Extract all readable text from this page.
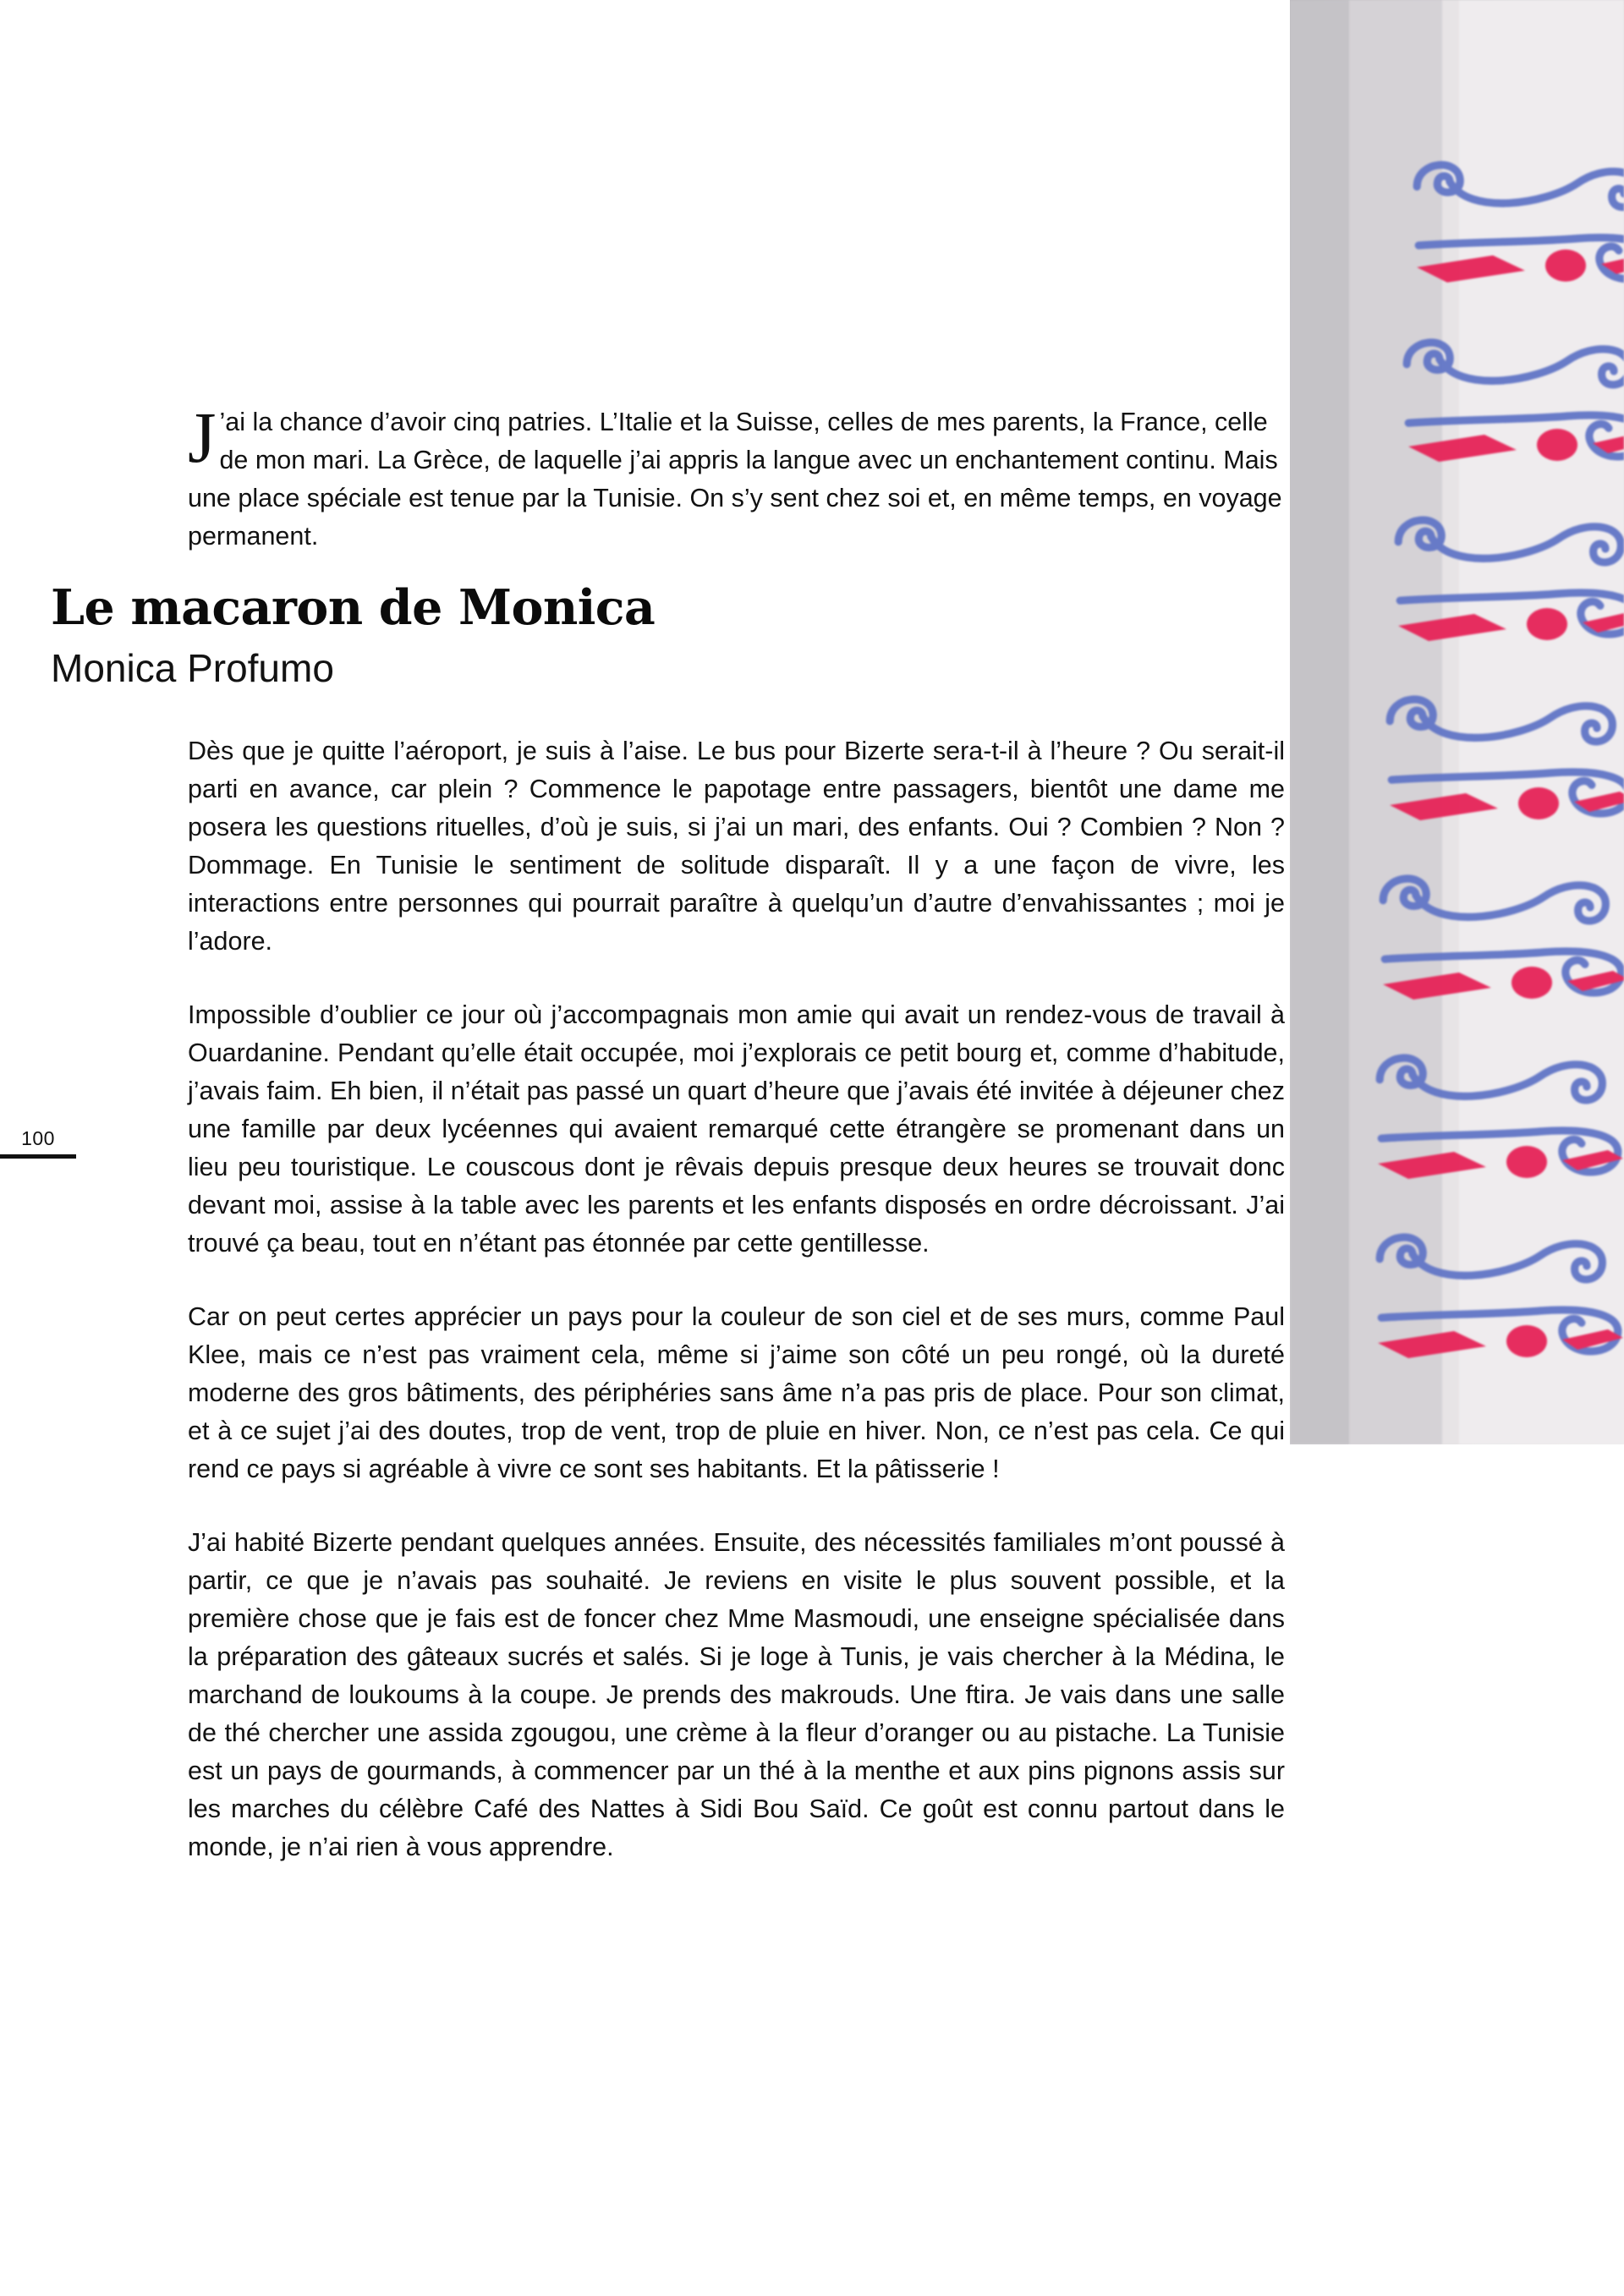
100

J ’ai la chance d’avoir cinq patries. L’Italie et la Suisse, celles de mes parents, la France, celle de mon mari. La Grèce, de laquelle j’ai appris la langue avec un enchantement continu. Mais une place spéciale est tenue par la Tunisie. On s’y sent chez soi et, en même temps, en voyage permanent.

Le macaron de Monica
Monica Profumo

Dès que je quitte l’aéroport, je suis à l’aise. Le bus pour Bizerte sera-t-il à l’heure ? Ou serait-il parti en avance, car plein ? Commence le papotage entre passagers, bientôt une dame me posera les questions rituelles, d’où je suis, si j’ai un mari, des enfants. Oui ? Combien ? Non ? Dommage. En Tunisie le sentiment de solitude disparaît. Il y a une façon de vivre, les interactions entre personnes qui pourrait paraître à quelqu’un d’autre d’envahissantes ; moi je l’adore.

Impossible d’oublier ce jour où j’accompagnais mon amie qui avait un rendez-vous de travail à Ouardanine. Pendant qu’elle était occupée, moi j’explorais ce petit bourg et, comme d’habitude, j’avais faim. Eh bien, il n’était pas passé un quart d’heure que j’avais été invitée à déjeuner chez une famille par deux lycéennes qui avaient remarqué cette étrangère se promenant dans un lieu peu touristique. Le couscous dont je rêvais depuis presque deux heures se trouvait donc devant moi, assise à la table avec les parents et les enfants disposés en ordre décroissant. J’ai trouvé ça beau, tout en n’étant pas étonnée par cette gentillesse.

Car on peut certes apprécier un pays pour la couleur de son ciel et de ses murs, comme Paul Klee, mais ce n’est pas vraiment cela, même si j’aime son côté un peu rongé, où la dureté moderne des gros bâtiments, des périphéries sans âme n’a pas pris de place. Pour son climat, et à ce sujet j’ai des doutes, trop de vent, trop de pluie en hiver. Non, ce n’est pas cela. Ce qui rend ce pays si agréable à vivre ce sont ses habitants. Et la pâtisserie !

J’ai habité Bizerte pendant quelques années. Ensuite, des nécessités familiales m’ont poussé à partir, ce que je n’avais pas souhaité. Je reviens en visite le plus souvent possible, et la première chose que je fais est de foncer chez Mme Masmoudi, une enseigne spécialisée dans la préparation des gâteaux sucrés et salés. Si je loge à Tunis, je vais chercher à la Médina, le marchand de loukoums à la coupe. Je prends des makrouds. Une ftira. Je vais dans une salle de thé chercher une assida zgougou, une crème à la fleur d’oranger ou au pistache. La Tunisie est un pays de gourmands, à commencer par un thé à la menthe et aux pins pignons assis sur les marches du célèbre Café des Nattes à Sidi Bou Saïd. Ce goût est connu partout dans le monde, je n’ai rien à vous apprendre.
